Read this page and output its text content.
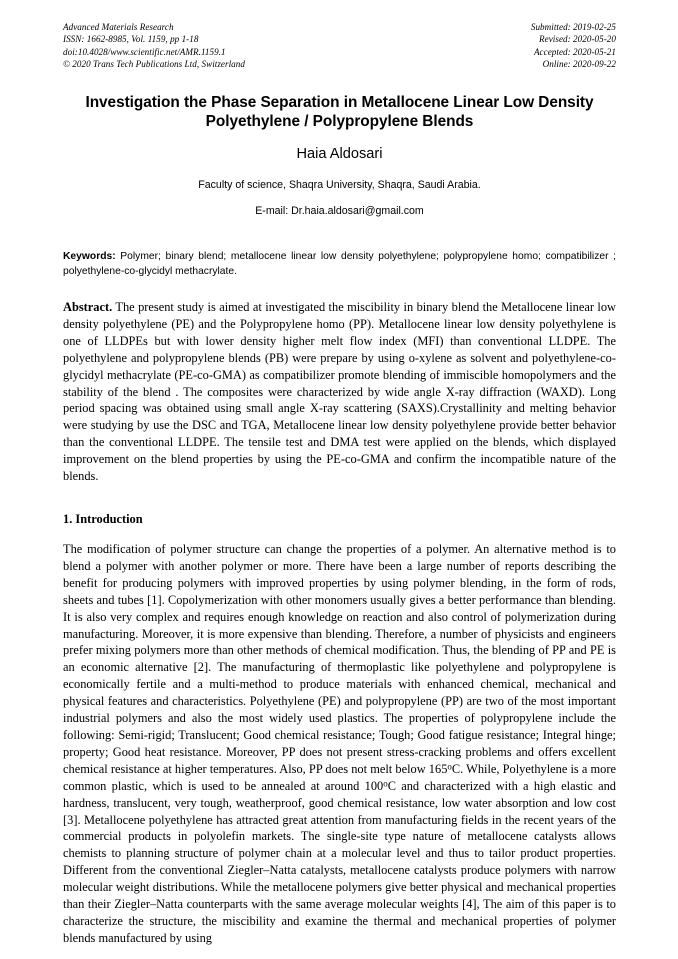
Advanced Materials Research
ISSN: 1662-8985, Vol. 1159, pp 1-18
doi:10.4028/www.scientific.net/AMR.1159.1
© 2020 Trans Tech Publications Ltd, Switzerland
Submitted: 2019-02-25
Revised: 2020-05-20
Accepted: 2020-05-21
Online: 2020-09-22
Investigation the Phase Separation in Metallocene Linear Low Density Polyethylene / Polypropylene Blends
Haia Aldosari
Faculty of science, Shaqra University, Shaqra, Saudi Arabia.
E-mail: Dr.haia.aldosari@gmail.com
Keywords: Polymer; binary blend; metallocene linear low density polyethylene; polypropylene homo; compatibilizer ; polyethylene-co-glycidyl methacrylate.
Abstract. The present study is aimed at investigated the miscibility in binary blend the Metallocene linear low density polyethylene (PE) and the Polypropylene homo (PP). Metallocene linear low density polyethylene is one of LLDPEs but with lower density higher melt flow index (MFI) than conventional LLDPE. The polyethylene and polypropylene blends (PB) were prepare by using o-xylene as solvent and polyethylene-co-glycidyl methacrylate (PE-co-GMA) as compatibilizer promote blending of immiscible homopolymers and the stability of the blend . The composites were characterized by wide angle X-ray diffraction (WAXD). Long period spacing was obtained using small angle X-ray scattering (SAXS).Crystallinity and melting behavior were studying by use the DSC and TGA, Metallocene linear low density polyethylene provide better behavior than the conventional LLDPE. The tensile test and DMA test were applied on the blends, which displayed improvement on the blend properties by using the PE-co-GMA and confirm the incompatible nature of the blends.
1. Introduction
The modification of polymer structure can change the properties of a polymer. An alternative method is to blend a polymer with another polymer or more. There have been a large number of reports describing the benefit for producing polymers with improved properties by using polymer blending, in the form of rods, sheets and tubes [1]. Copolymerization with other monomers usually gives a better performance than blending. It is also very complex and requires enough knowledge on reaction and also control of polymerization during manufacturing. Moreover, it is more expensive than blending. Therefore, a number of physicists and engineers prefer mixing polymers more than other methods of chemical modification. Thus, the blending of PP and PE is an economic alternative [2]. The manufacturing of thermoplastic like polyethylene and polypropylene is economically fertile and a multi-method to produce materials with enhanced chemical, mechanical and physical features and characteristics. Polyethylene (PE) and polypropylene (PP) are two of the most important industrial polymers and also the most widely used plastics. The properties of polypropylene include the following: Semi-rigid; Translucent; Good chemical resistance; Tough; Good fatigue resistance; Integral hinge; property; Good heat resistance. Moreover, PP does not present stress-cracking problems and offers excellent chemical resistance at higher temperatures. Also, PP does not melt below 165$^o$C. While, Polyethylene is a more common plastic, which is used to be annealed at around 100$^o$C and characterized with a high elastic and hardness, translucent, very tough, weatherproof, good chemical resistance, low water absorption and low cost [3]. Metallocene polyethylene has attracted great attention from manufacturing fields in the recent years of the commercial products in polyolefin markets. The single-site type nature of metallocene catalysts allows chemists to planning structure of polymer chain at a molecular level and thus to tailor product properties. Different from the conventional Ziegler–Natta catalysts, metallocene catalysts produce polymers with narrow molecular weight distributions. While the metallocene polymers give better physical and mechanical properties than their Ziegler–Natta counterparts with the same average molecular weights [4], The aim of this paper is to characterize the structure, the miscibility and examine the thermal and mechanical properties of polymer blends manufactured by using
